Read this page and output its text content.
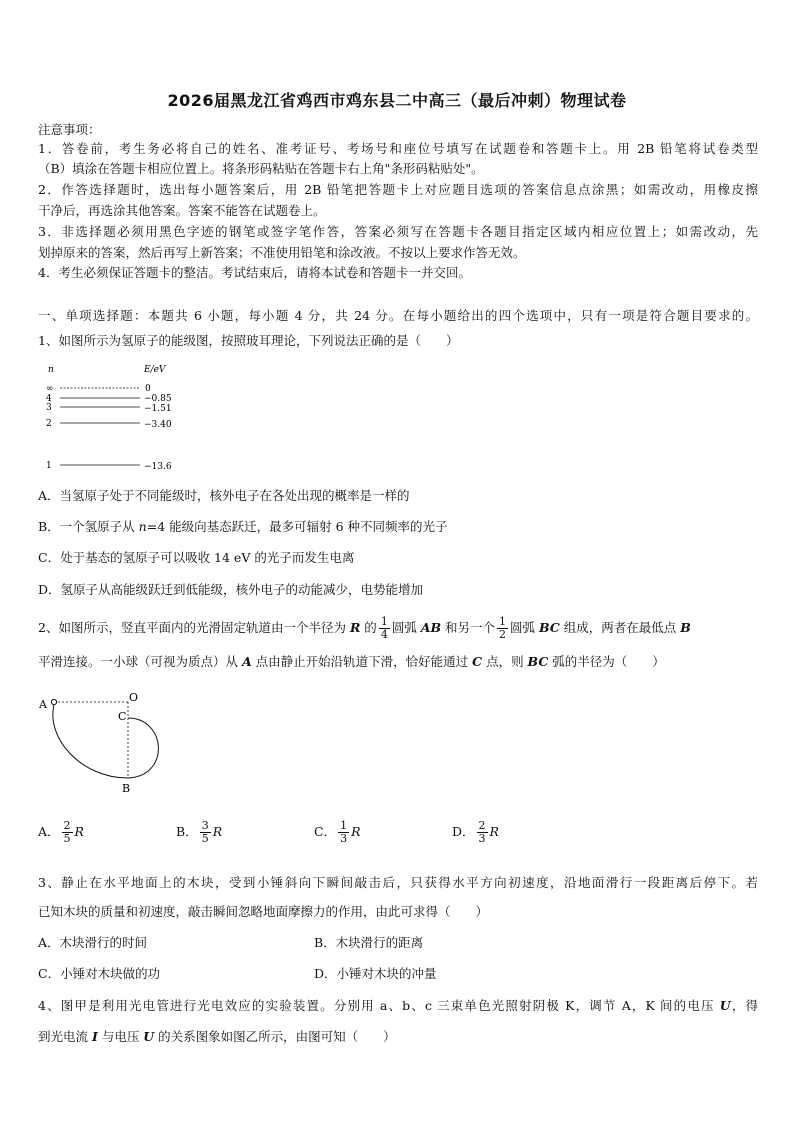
2026届黑龙江省鸡西市鸡东县二中高三（最后冲刺）物理试卷
注意事项：
1．答卷前，考生务必将自己的姓名、准考证号、考场号和座位号填写在试题卷和答题卡上。用 2B 铅笔将试卷类型
（B）填涂在答题卡相应位置上。将条形码粘贴在答题卡右上角"条形码粘贴处"。
2．作答选择题时，选出每小题答案后，用 2B 铅笔把答题卡上对应题目选项的答案信息点涂黑；如需改动，用橡皮擦
干净后，再选涂其他答案。答案不能答在试题卷上。
3．非选择题必须用黑色字迹的钢笔或签字笔作答，答案必须写在答题卡各题目指定区域内相应位置上；如需改动，先
划掉原来的答案，然后再写上新答案；不准使用铅笔和涂改液。不按以上要求作答无效。
4．考生必须保证答题卡的整洁。考试结束后，请将本试卷和答题卡一并交回。
一、单项选择题：本题共 6 小题，每小题 4 分，共 24 分。在每小题给出的四个选项中，只有一项是符合题目要求的。
1、如图所示为氢原子的能级图，按照玻耳理论，下列说法正确的是（　　）
n	E/eV
∞	0
4	−0.85
3	−1.51
2	−3.40
1	−13.6
A．当氢原子处于不同能级时，核外电子在各处出现的概率是一样的
B．一个氢原子从 n=4 能级向基态跃迁，最多可辐射 6 种不同频率的光子
C．处于基态的氢原子可以吸收 14 eV 的光子而发生电离
D．氢原子从高能级跃迁到低能级，核外电子的动能减少，电势能增加
2、如图所示，竖直平面内的光滑固定轨道由一个半径为 R 的 $\frac{1}{4}$ 圆弧 AB 和另一个 $\frac{1}{2}$ 圆弧 BC 组成，两者在最低点 B
平滑连接。一小球（可视为质点）从 A 点由静止开始沿轨道下滑，恰好能通过 C 点，则 BC 弧的半径为（　　）
A
O
C
B
A． $\frac{2}{5}$ R	B． $\frac{3}{5}$ R	C． $\frac{1}{3}$ R	D． $\frac{2}{3}$ R
3、静止在水平地面上的木块，受到小锤斜向下瞬间敲击后，只获得水平方向初速度，沿地面滑行一段距离后停下。若
已知木块的质量和初速度，敲击瞬间忽略地面摩擦力的作用，由此可求得（　　）
A．木块滑行的时间	B．木块滑行的距离
C．小锤对木块做的功	D．小锤对木块的冲量
4、图甲是利用光电管进行光电效应的实验装置。分别用 a、b、c 三束单色光照射阴极 K，调节 A，K 间的电压 U，得
到光电流 I 与电压 U 的关系图象如图乙所示，由图可知（　　）
